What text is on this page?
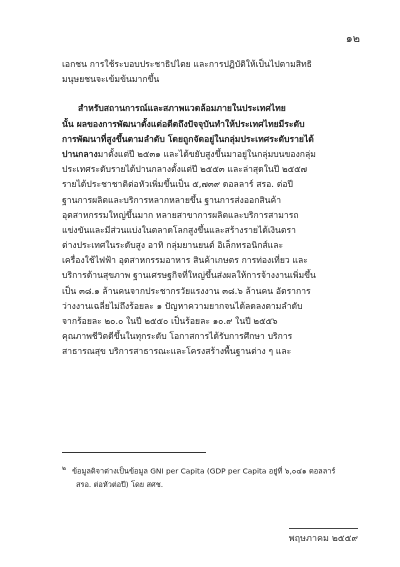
๑๒
เอกชน การใช้ระบอบประชาธิปไตย และการปฏิบัติให้เป็นไปตามสิทธิ
มนุษยชนจะเข้มข้นมากขึ้น
สำหรับสถานการณ์และสภาพแวดล้อมภายในประเทศไทย
นั้น ผลของการพัฒนาตั้งแต่อดีตถึงปัจจุบันทำให้ประเทศไทยมีระดับ
การพัฒนาที่สูงขึ้นตามลำดับ โดยถูกจัดอยู่ในกลุ่มประเทศระดับรายได้
ปานกลางมาตั้งแต่ปี ๒๕๓๑ และได้ขยับสูงขึ้นมาอยู่ในกลุ่มบนของกลุ่ม
ประเทศระดับรายได้ปานกลางตั้งแต่ปี ๒๕๕๓ และล่าสุดในปี ๒๕๕๗
รายได้ประชาชาติต่อหัวเพิ่มขึ้นเป็น ๕,๗๓๙ ดอลลาร์ สรอ. ต่อปี
ฐานการผลิตและบริการหลากหลายขึ้น ฐานการส่งออกสินค้า
อุตสาหกรรมใหญ่ขึ้นมาก หลายสาขาการผลิตและบริการสามารถ
แข่งขันและมีส่วนแบ่งในตลาดโลกสูงขึ้นและสร้างรายได้เงินตรา
ต่างประเทศในระดับสูง อาทิ กลุ่มยานยนต์ อิเล็กทรอนิกส์และ
เครื่องใช้ไฟฟ้า อุตสาหกรรมอาหาร สินค้าเกษตร การท่องเที่ยว และ
บริการด้านสุขภาพ ฐานเศรษฐกิจที่ใหญ่ขึ้นส่งผลให้การจ้างงานเพิ่มขึ้น
เป็น ๓๘.๑ ล้านคนจากประชากรวัยแรงงาน ๓๘.๖ ล้านคน อัตราการ
ว่างงานเฉลี่ยไม่ถึงร้อยละ ๑ ปัญหาความยากจนได้ลดลงตามลำดับ
จากร้อยละ ๒๐.๐ ในปี ๒๕๕๐ เป็นร้อยละ ๑๐.๙ ในปี ๒๕๕๖
คุณภาพชีวิตดีขึ้นในทุกระดับ โอกาสการได้รับการศึกษา บริการ
สาธารณสุข บริการสาธารณะและโครงสร้างพื้นฐานต่าง ๆ และ
$^๒$ ข้อมูลดิจาต่างเป็นข้อมูล GNI per Capita (GDP per Capita อยู่ที่ ๖,๐๔๑ ดอลลาร์
สรอ. ต่อหัวต่อปี) โดย สศช.
พฤษภาคม ๒๕๕๙
